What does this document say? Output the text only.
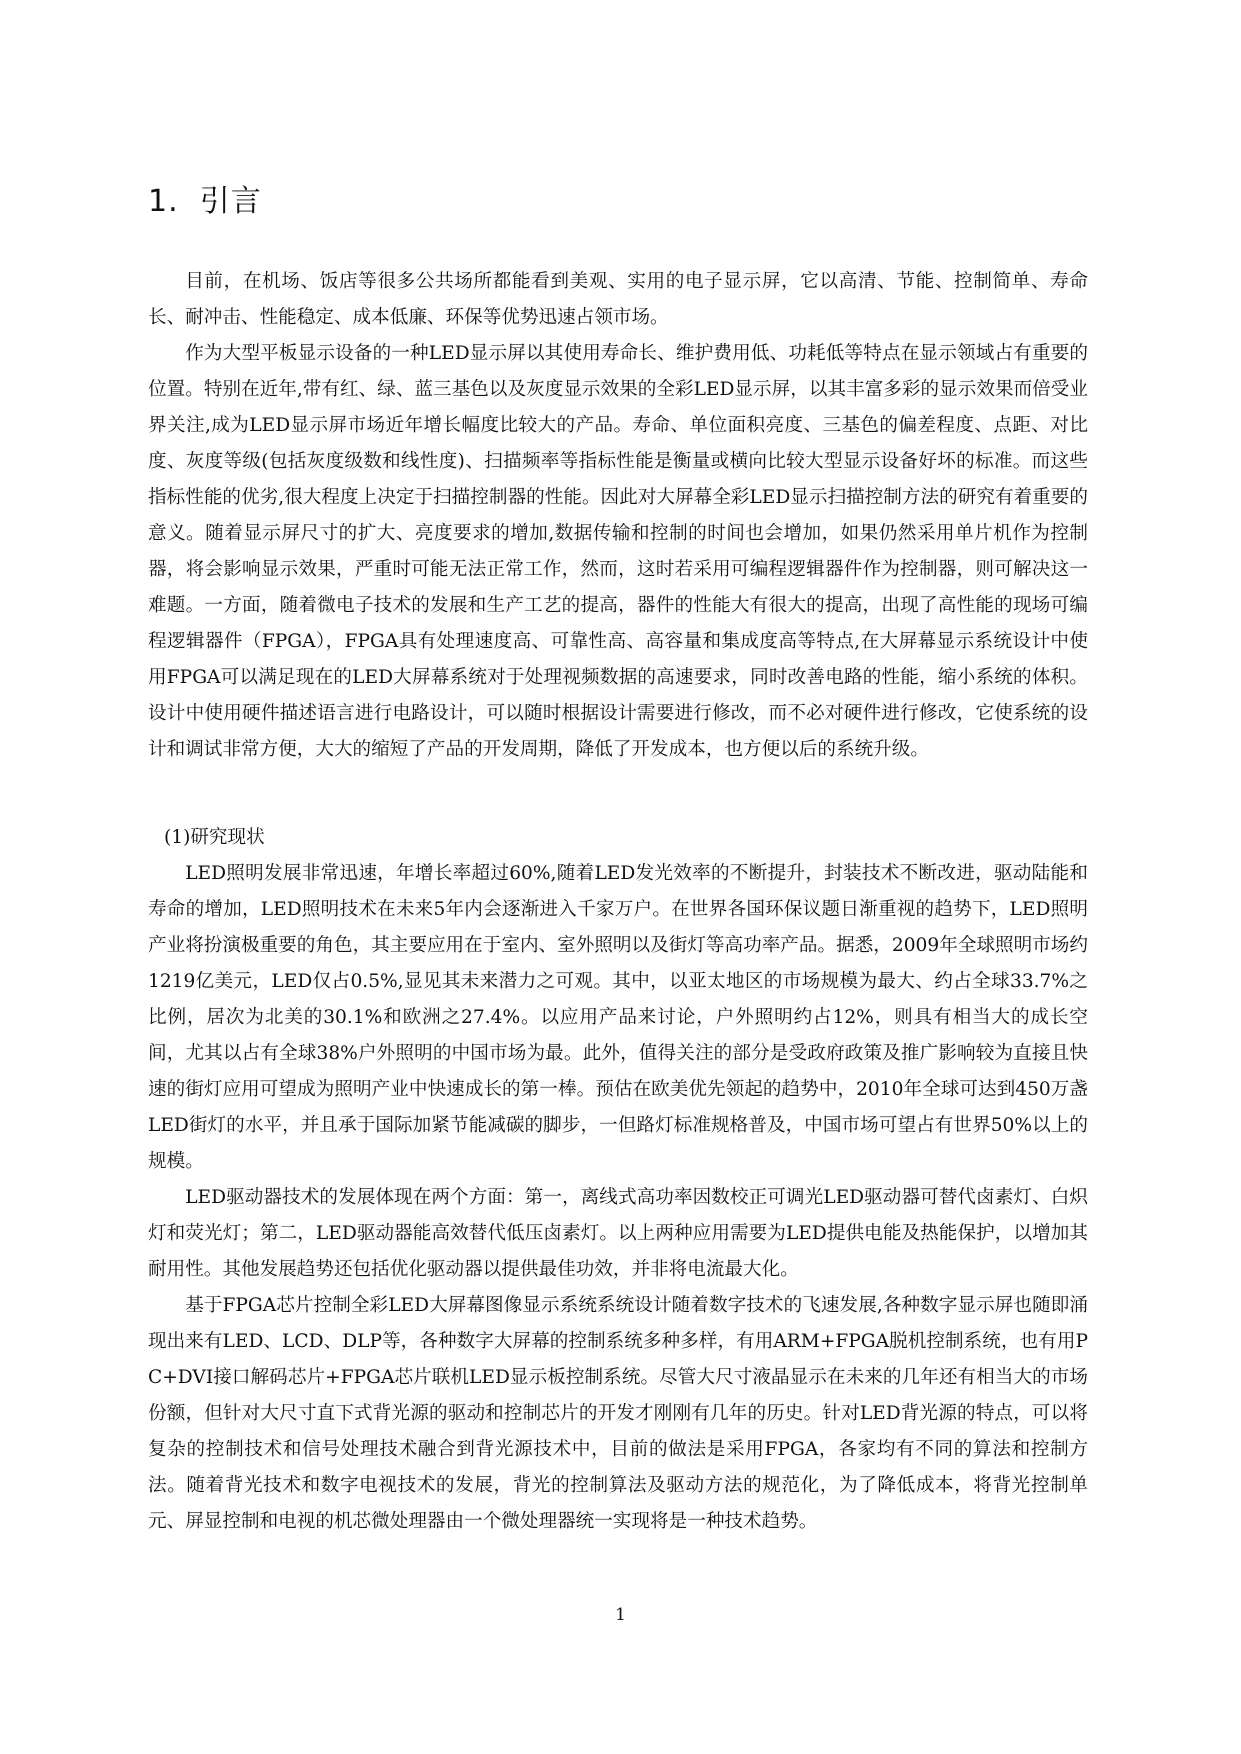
1.  引言

目前，在机场、饭店等很多公共场所都能看到美观、实用的电子显示屏，它以高清、节能、控制简单、寿命长、耐冲击、性能稳定、成本低廉、环保等优势迅速占领市场。

作为大型平板显示设备的一种LED显示屏以其使用寿命长、维护费用低、功耗低等特点在显示领域占有重要的位置。特别在近年,带有红、绿、蓝三基色以及灰度显示效果的全彩LED显示屏，以其丰富多彩的显示效果而倍受业界关注,成为LED显示屏市场近年增长幅度比较大的产品。寿命、单位面积亮度、三基色的偏差程度、点距、对比度、灰度等级(包括灰度级数和线性度)、扫描频率等指标性能是衡量或横向比较大型显示设备好坏的标准。而这些指标性能的优劣,很大程度上决定于扫描控制器的性能。因此对大屏幕全彩LED显示扫描控制方法的研究有着重要的意义。随着显示屏尺寸的扩大、亮度要求的增加,数据传输和控制的时间也会增加，如果仍然采用单片机作为控制器，将会影响显示效果，严重时可能无法正常工作，然而，这时若采用可编程逻辑器件作为控制器，则可解决这一难题。一方面，随着微电子技术的发展和生产工艺的提高，器件的性能大有很大的提高，出现了高性能的现场可编程逻辑器件（FPGA），FPGA具有处理速度高、可靠性高、高容量和集成度高等特点,在大屏幕显示系统设计中使用FPGA可以满足现在的LED大屏幕系统对于处理视频数据的高速要求，同时改善电路的性能，缩小系统的体积。设计中使用硬件描述语言进行电路设计，可以随时根据设计需要进行修改，而不必对硬件进行修改，它使系统的设计和调试非常方便，大大的缩短了产品的开发周期，降低了开发成本，也方便以后的系统升级。

(1)研究现状

LED照明发展非常迅速，年增长率超过60%,随着LED发光效率的不断提升，封装技术不断改进，驱动陆能和寿命的增加，LED照明技术在未来5年内会逐渐进入千家万户。在世界各国环保议题日渐重视的趋势下，LED照明产业将扮演极重要的角色，其主要应用在于室内、室外照明以及街灯等高功率产品。据悉，2009年全球照明市场约1219亿美元，LED仅占0.5%,显见其未来潜力之可观。其中，以亚太地区的市场规模为最大、约占全球33.7%之比例，居次为北美的30.1%和欧洲之27.4%。以应用产品来讨论，户外照明约占12%，则具有相当大的成长空间，尤其以占有全球38%户外照明的中国市场为最。此外，值得关注的部分是受政府政策及推广影响较为直接且快速的街灯应用可望成为照明产业中快速成长的第一棒。预估在欧美优先领起的趋势中，2010年全球可达到450万盏LED街灯的水平，并且承于国际加紧节能减碳的脚步，一但路灯标准规格普及，中国市场可望占有世界50%以上的规模。

LED驱动器技术的发展体现在两个方面：第一，离线式高功率因数校正可调光LED驱动器可替代卤素灯、白炽灯和荧光灯；第二，LED驱动器能高效替代低压卤素灯。以上两种应用需要为LED提供电能及热能保护，以增加其耐用性。其他发展趋势还包括优化驱动器以提供最佳功效，并非将电流最大化。

基于FPGA芯片控制全彩LED大屏幕图像显示系统系统设计随着数字技术的飞速发展,各种数字显示屏也随即涌现出来有LED、LCD、DLP等，各种数字大屏幕的控制系统多种多样，有用ARM+FPGA脱机控制系统，也有用PC+DVI接口解码芯片+FPGA芯片联机LED显示板控制系统。尽管大尺寸液晶显示在未来的几年还有相当大的市场份额，但针对大尺寸直下式背光源的驱动和控制芯片的开发才刚刚有几年的历史。针对LED背光源的特点，可以将复杂的控制技术和信号处理技术融合到背光源技术中，目前的做法是采用FPGA，各家均有不同的算法和控制方法。随着背光技术和数字电视技术的发展，背光的控制算法及驱动方法的规范化，为了降低成本，将背光控制单元、屏显控制和电视的机芯微处理器由一个微处理器统一实现将是一种技术趋势。

1
